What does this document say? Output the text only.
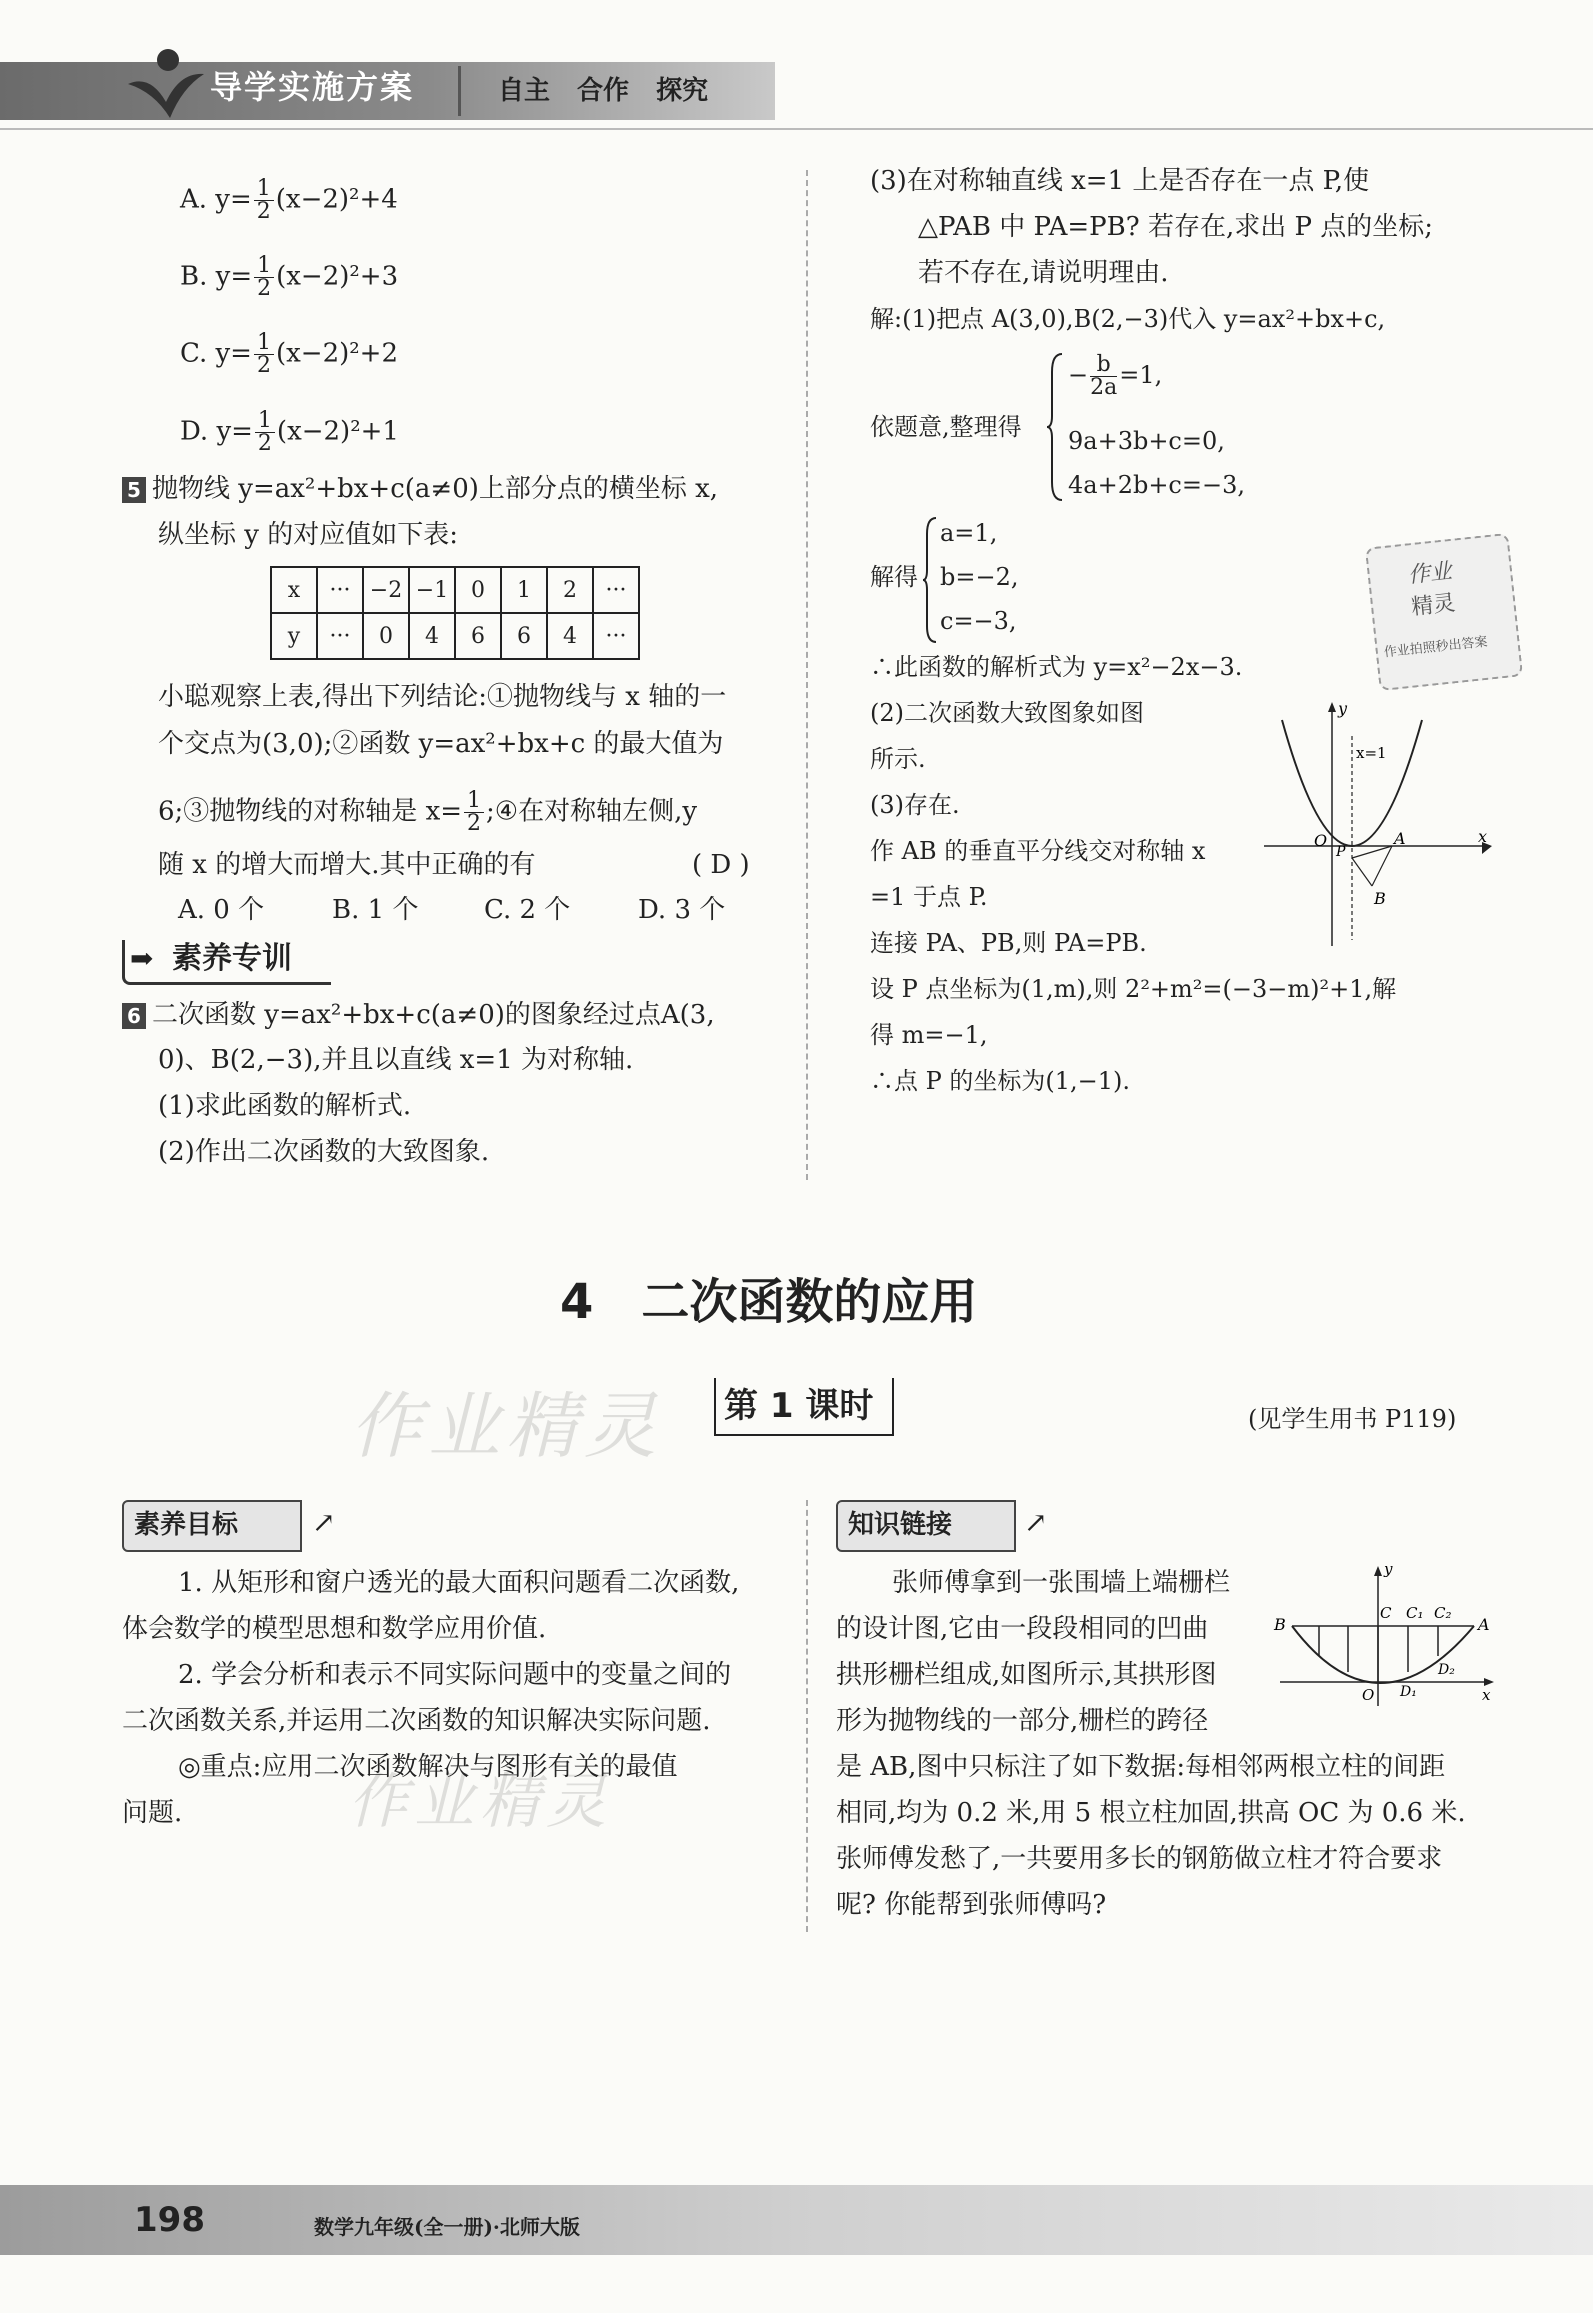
导学实施方案	自主 合作 探究
A. $y= \frac{1}{2} (x-2)^2+4$
B. $y= \frac{1}{2} (x-2)^2+3$
C. $y= \frac{1}{2} (x-2)^2+2$
D. $y= \frac{1}{2} (x-2)^2+1$
5 抛物线 y=ax²+bx+c(a≠0)上部分点的横坐标 x,
纵坐标 y 的对应值如下表:
x	···	−2	−1	0	1	2	···
y	···	0	4	6	6	4	···
小聪观察上表,得出下列结论:①抛物线与 x 轴的一
个交点为(3,0);②函数 y=ax²+bx+c 的最大值为
6;③抛物线的对称轴是 $x= \frac{1}{2}$ ;④在对称轴左侧,y
随 x 的增大而增大.其中正确的有	( D )
A. 0 个	B. 1 个	C. 2 个	D. 3 个
➡ 素养专训
6 二次函数 y=ax²+bx+c(a≠0)的图象经过点A(3,
0)、B(2,−3),并且以直线 x=1 为对称轴.
(1)求此函数的解析式.
(2)作出二次函数的大致图象.
(3)在对称轴直线 x=1 上是否存在一点 P,使
△PAB 中 PA=PB? 若存在,求出 P 点的坐标;
若不存在,请说明理由.
解:(1)把点 A(3,0),B(2,−3)代入 y=ax²+bx+c,
依题意,整理得
− $\frac{b}{2a} =1$,
9a+3b+c=0,
4a+2b+c=−3,
解得
a=1,
b=−2,
c=−3,
作业
精灵
作业拍照秒出答案
∴此函数的解析式为 y=x²−2x−3.
(2)二次函数大致图象如图
所示.
(3)存在.
作 AB 的垂直平分线交对称轴 x
=1 于点 P.
连接 PA、PB,则 PA=PB.
设 P 点坐标为(1,m),则 2²+m²=(−3−m)²+1,解
得 m=−1,
∴点 P 的坐标为(1,−1).
y
x
x=1
O
P
A
B
4　二次函数的应用
第 1 课时	(见学生用书 P119)
作业精灵
作业精灵
素养目标	↗
1. 从矩形和窗户透光的最大面积问题看二次函数,
体会数学的模型思想和数学应用价值.
2. 学会分析和表示不同实际问题中的变量之间的
二次函数关系,并运用二次函数的知识解决实际问题.
◎重点:应用二次函数解决与图形有关的最值
问题.
知识链接	↗
张师傅拿到一张围墙上端栅栏
的设计图,它由一段段相同的凹曲
拱形栅栏组成,如图所示,其拱形图
形为抛物线的一部分,栅栏的跨径
是 AB,图中只标注了如下数据:每相邻两根立柱的间距
相同,均为 0.2 米,用 5 根立柱加固,拱高 OC 为 0.6 米.
张师傅发愁了,一共要用多长的钢筋做立柱才符合要求
呢? 你能帮到张师傅吗?
y
x
B	A
C C₁ C₂
D₂
D₁
O
198	数学九年级(全一册)·北师大版
